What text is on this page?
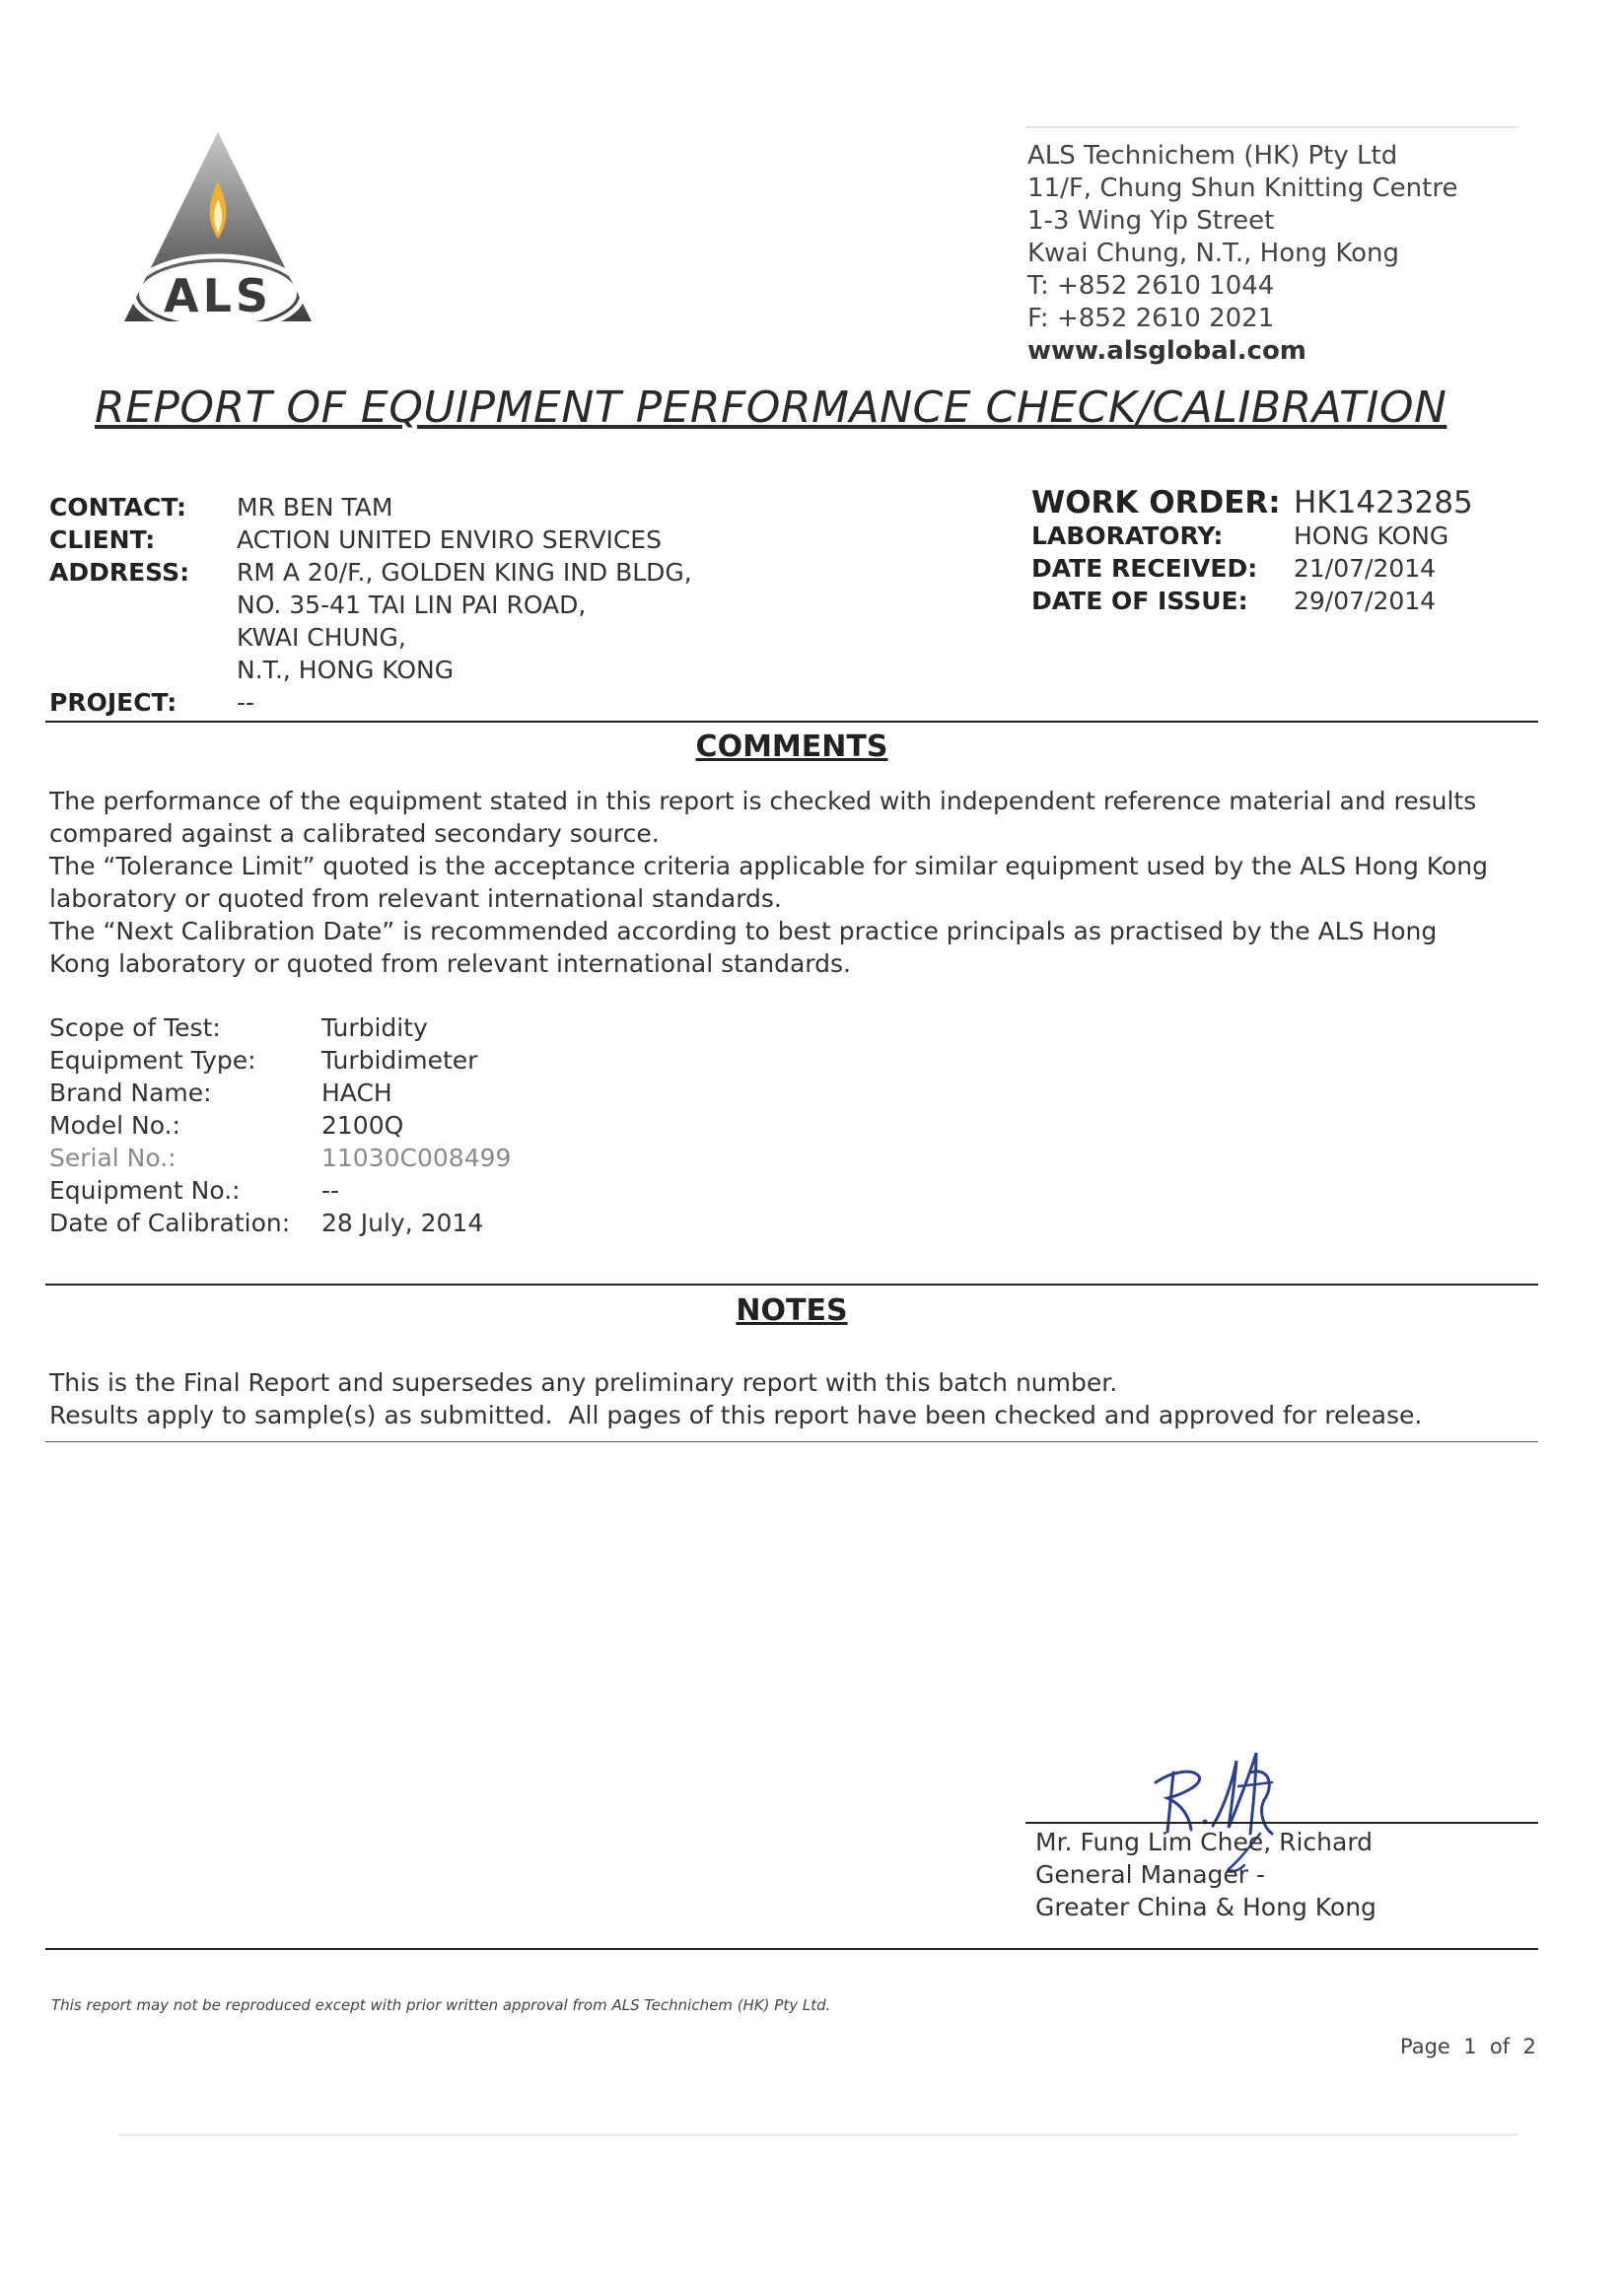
ALS
ALS Technichem (HK) Pty Ltd
11/F, Chung Shun Knitting Centre
1-3 Wing Yip Street
Kwai Chung, N.T., Hong Kong
T: +852 2610 1044
F: +852 2610 2021
www.alsglobal.com
REPORT OF EQUIPMENT PERFORMANCE CHECK/CALIBRATION
CONTACT:	MR BEN TAM
CLIENT:	ACTION UNITED ENVIRO SERVICES
ADDRESS:	RM A 20/F., GOLDEN KING IND BLDG,
NO. 35-41 TAI LIN PAI ROAD,
KWAI CHUNG,
N.T., HONG KONG
PROJECT:	--
WORK ORDER: HK1423285
LABORATORY:	HONG KONG
DATE RECEIVED:	21/07/2014
DATE OF ISSUE:	29/07/2014
COMMENTS
The performance of the equipment stated in this report is checked with independent reference material and results
compared against a calibrated secondary source.
The “Tolerance Limit” quoted is the acceptance criteria applicable for similar equipment used by the ALS Hong Kong
laboratory or quoted from relevant international standards.
The “Next Calibration Date” is recommended according to best practice principals as practised by the ALS Hong
Kong laboratory or quoted from relevant international standards.
Scope of Test:	Turbidity
Equipment Type:	Turbidimeter
Brand Name:	HACH
Model No.:	2100Q
Serial No.:	11030C008499
Equipment No.:	--
Date of Calibration:	28 July, 2014
NOTES
This is the Final Report and supersedes any preliminary report with this batch number.
Results apply to sample(s) as submitted.  All pages of this report have been checked and approved for release.
Mr. Fung Lim Chee, Richard
General Manager -
Greater China & Hong Kong
This report may not be reproduced except with prior written approval from ALS Technichem (HK) Pty Ltd.
Page  1  of  2
